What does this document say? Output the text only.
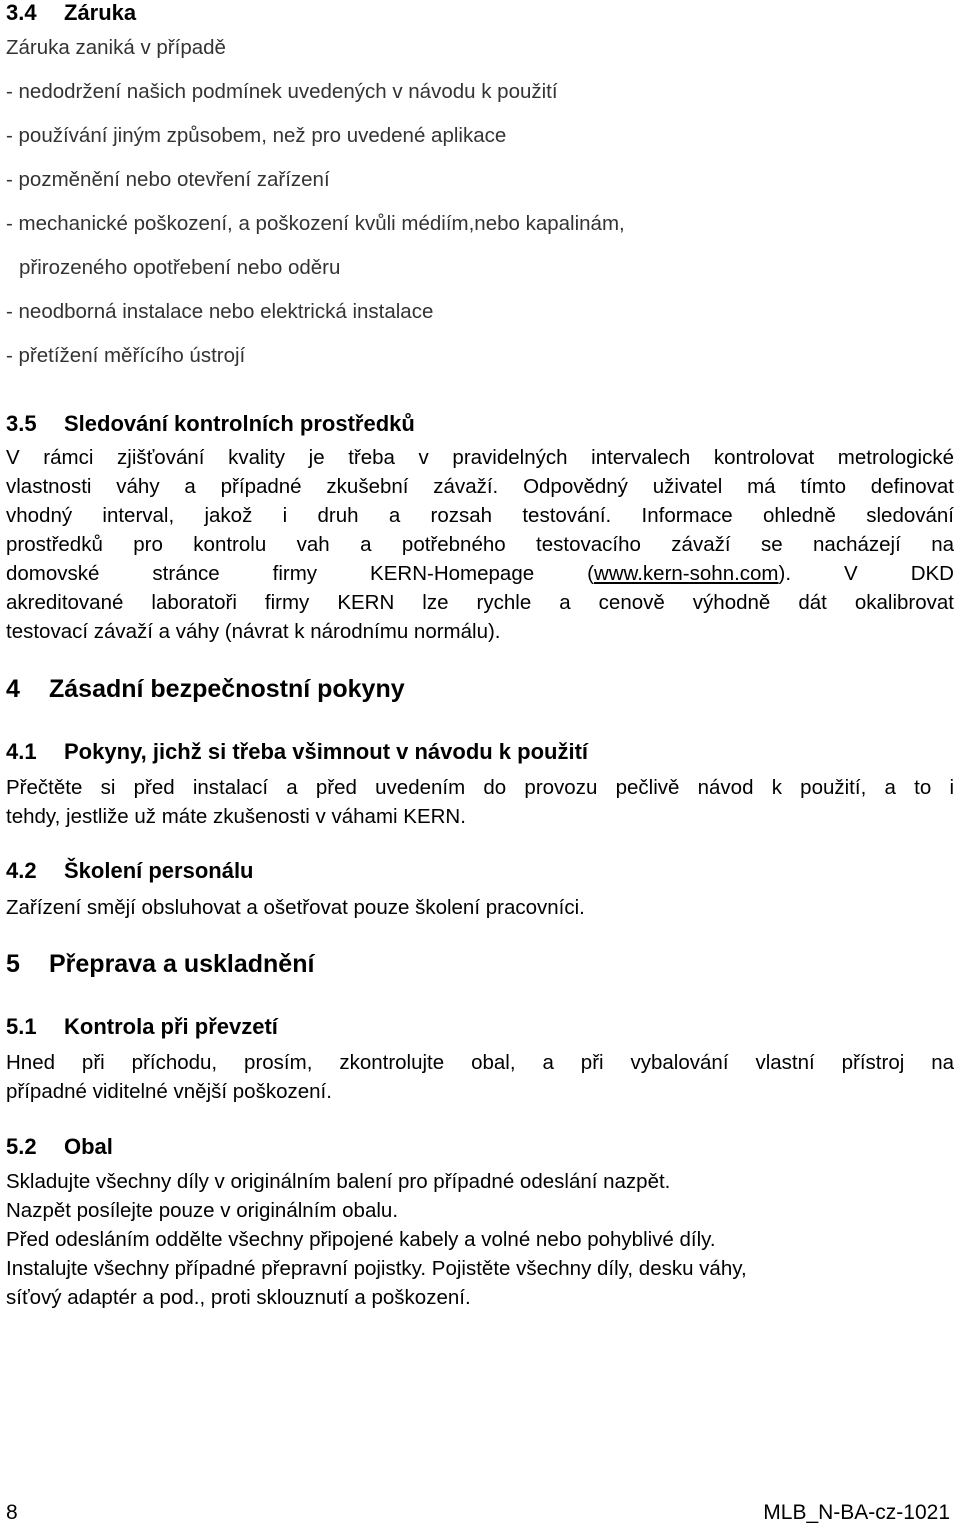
3.4 Záruka
Záruka zaniká v případě
- nedodržení našich podmínek uvedených v návodu k použití
- používání jiným způsobem, než pro uvedené aplikace
- pozměnění nebo otevření zařízení
- mechanické poškození, a poškození kvůli médiím,nebo kapalinám,
přirozeného opotřebení nebo oděru
- neodborná instalace nebo elektrická instalace
- přetížení měřícího ústrojí
3.5 Sledování kontrolních prostředků
V rámci zjišťování kvality je třeba v pravidelných intervalech kontrolovat metrologické
vlastnosti váhy a případné zkušební závaží. Odpovědný uživatel má tímto definovat
vhodný interval, jakož i druh a rozsah testování. Informace ohledně sledování
prostředků pro kontrolu vah a potřebného testovacího závaží se nacházejí na
domovské stránce firmy KERN-Homepage (www.kern-sohn.com). V DKD
akreditované laboratoři firmy KERN lze rychle a cenově výhodně dát okalibrovat
testovací závaží a váhy (návrat k národnímu normálu).
4 Zásadní bezpečnostní pokyny
4.1 Pokyny, jichž si třeba všimnout v návodu k použití
Přečtěte si před instalací a před uvedením do provozu pečlivě návod k použití, a to i
tehdy, jestliže už máte zkušenosti v váhami KERN.
4.2 Školení personálu
Zařízení smějí obsluhovat a ošetřovat pouze školení pracovníci.
5 Přeprava a uskladnění
5.1 Kontrola při převzetí
Hned při příchodu, prosím, zkontrolujte obal, a při vybalování vlastní přístroj na
případné viditelné vnější poškození.
5.2 Obal
Skladujte všechny díly v originálním balení pro případné odeslání nazpět.
Nazpět posílejte pouze v originálním obalu.
Před odesláním oddělte všechny připojené kabely a volné nebo pohyblivé díly.
Instalujte všechny případné přepravní pojistky. Pojistěte všechny díly, desku váhy,
síťový adaptér a pod., proti sklouznutí a poškození.
8	MLB_N-BA-cz-1021
